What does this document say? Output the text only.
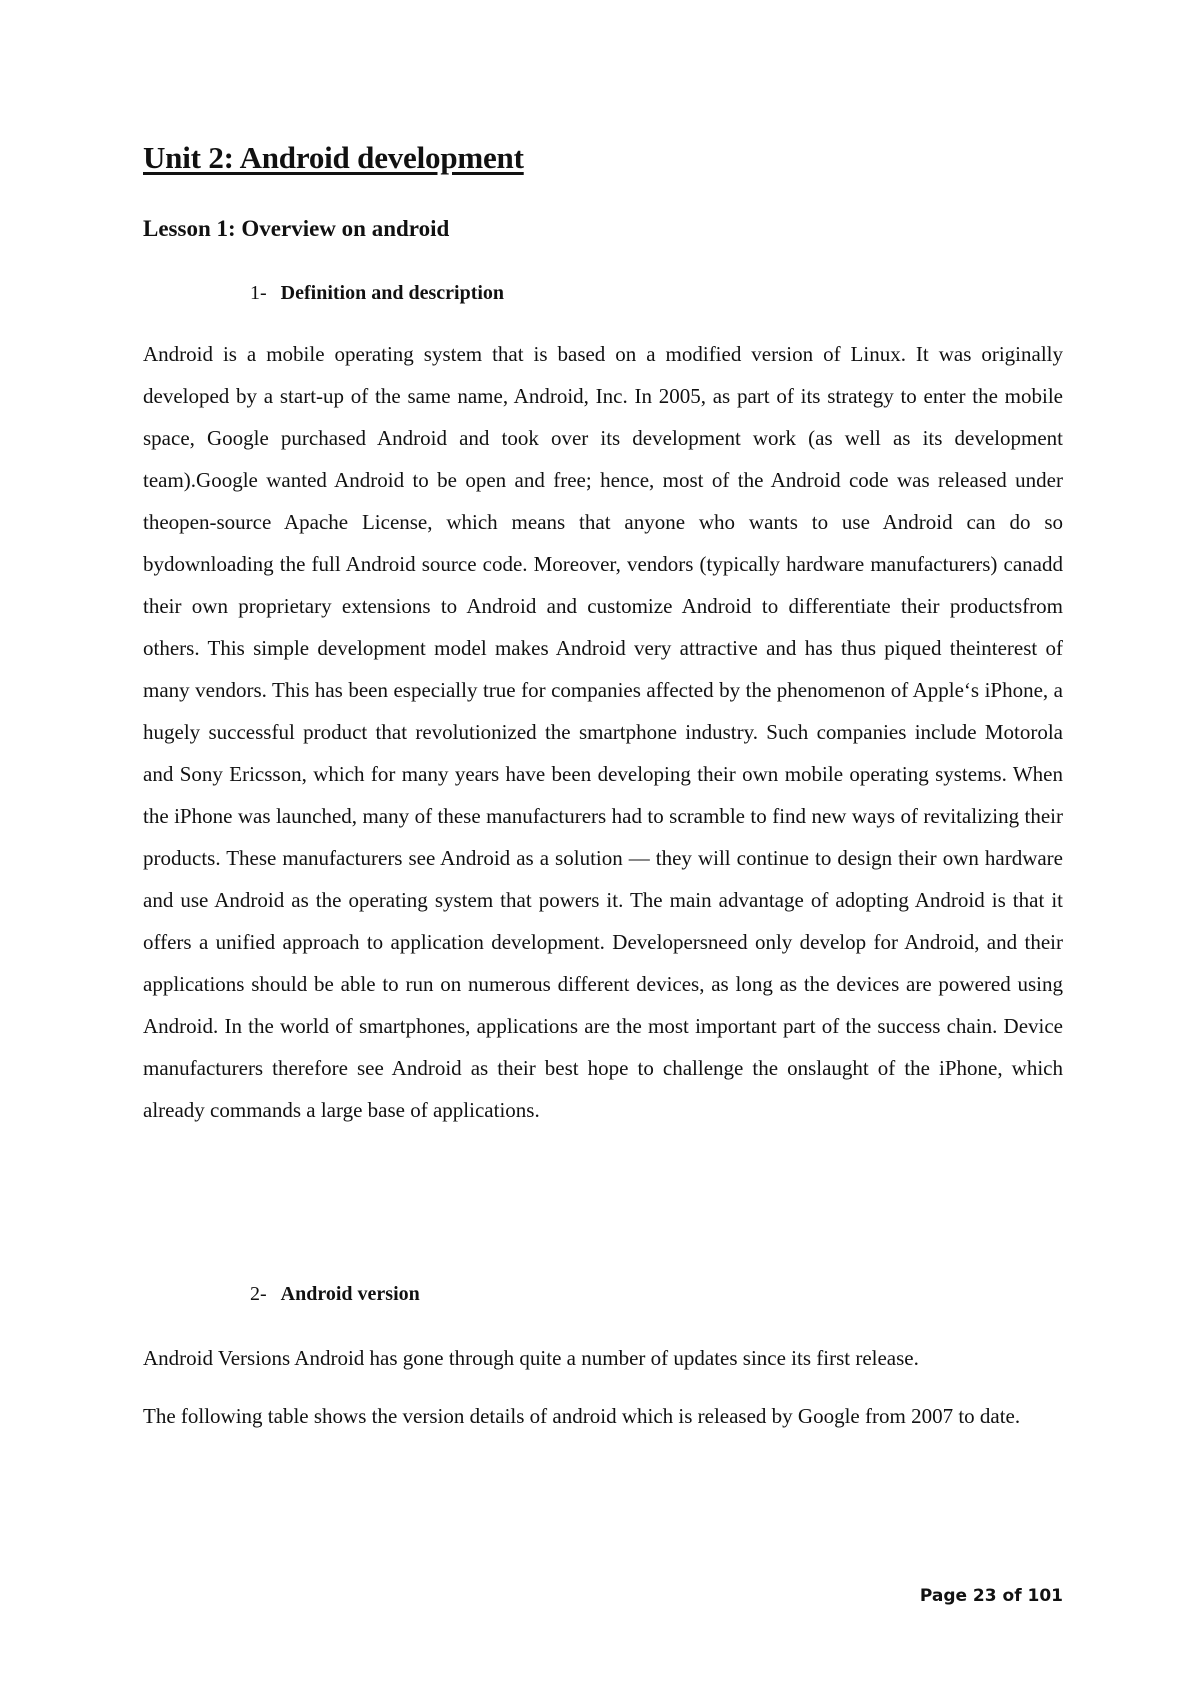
Unit 2: Android development
Lesson 1: Overview on android
1- Definition and description

Android is a mobile operating system that is based on a modified version of Linux. It was originally developed by a start-up of the same name, Android, Inc. In 2005, as part of its strategy to enter the mobile space, Google purchased Android and took over its development work (as well as its development team).Google wanted Android to be open and free; hence, most of the Android code was released under theopen-source Apache License, which means that anyone who wants to use Android can do so bydownloading the full Android source code. Moreover, vendors (typically hardware manufacturers) canadd their own proprietary extensions to Android and customize Android to differentiate their productsfrom others. This simple development model makes Android very attractive and has thus piqued theinterest of many vendors. This has been especially true for companies affected by the phenomenon of Apple‘s iPhone, a hugely successful product that revolutionized the smartphone industry. Such companies include Motorola and Sony Ericsson, which for many years have been developing their own mobile operating systems. When the iPhone was launched, many of these manufacturers had to scramble to find new ways of revitalizing their products. These manufacturers see Android as a solution — they will continue to design their own hardware and use Android as the operating system that powers it. The main advantage of adopting Android is that it offers a unified approach to application development. Developersneed only develop for Android, and their applications should be able to run on numerous different devices, as long as the devices are powered using Android. In the world of smartphones, applications are the most important part of the success chain. Device manufacturers therefore see Android as their best hope to challenge the onslaught of the iPhone, which already commands a large base of applications.

2- Android version

Android Versions Android has gone through quite a number of updates since its first release.

The following table shows the version details of android which is released by Google from 2007 to date.

Page 23 of 101
